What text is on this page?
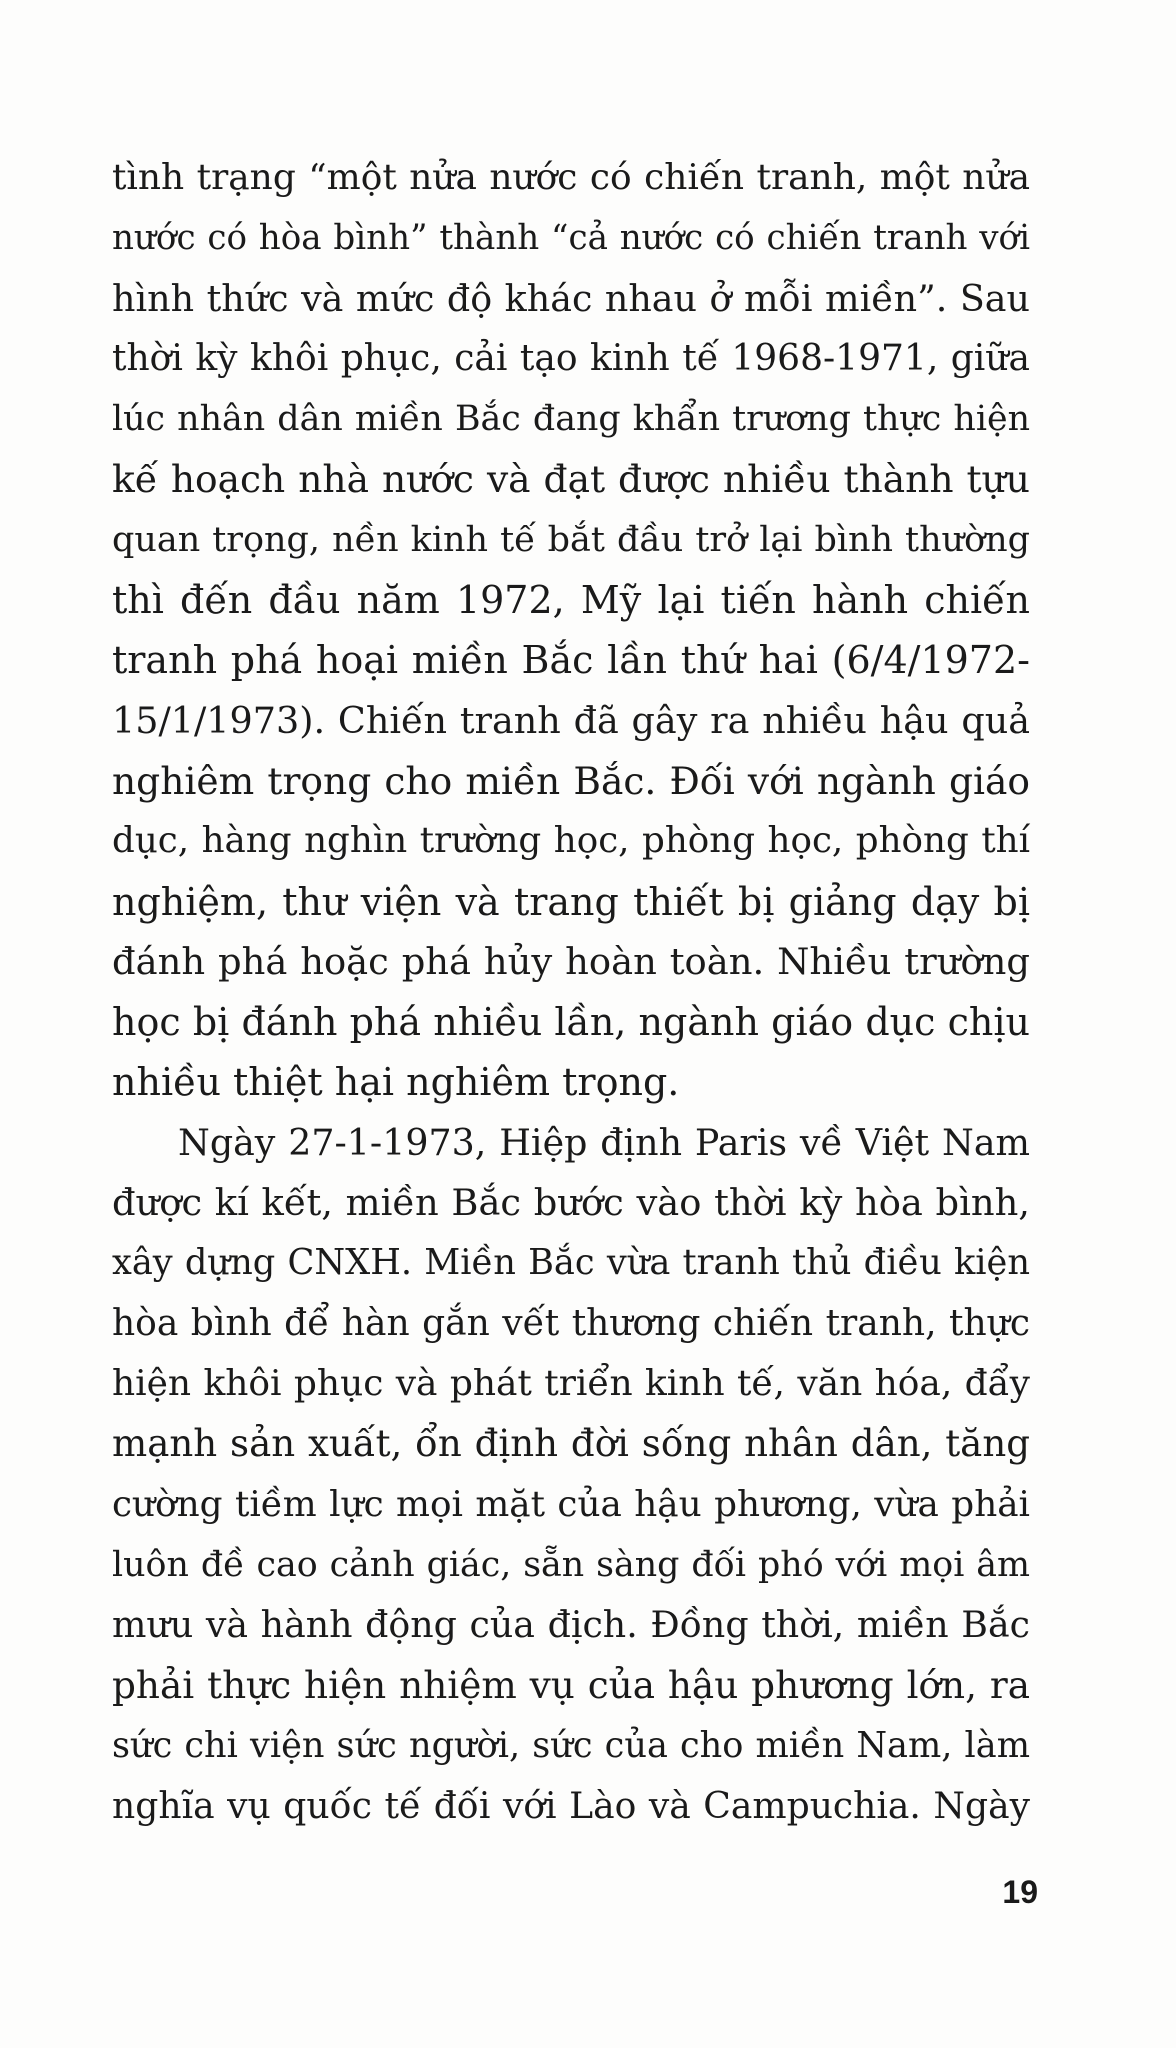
tình trạng “một nửa nước có chiến tranh, một nửa
nước có hòa bình” thành “cả nước có chiến tranh với
hình thức và mức độ khác nhau ở mỗi miền”. Sau
thời kỳ khôi phục, cải tạo kinh tế 1968-1971, giữa
lúc nhân dân miền Bắc đang khẩn trương thực hiện
kế hoạch nhà nước và đạt được nhiều thành tựu
quan trọng, nền kinh tế bắt đầu trở lại bình thường
thì đến đầu năm 1972, Mỹ lại tiến hành chiến
tranh phá hoại miền Bắc lần thứ hai (6/4/1972-
15/1/1973). Chiến tranh đã gây ra nhiều hậu quả
nghiêm trọng cho miền Bắc. Đối với ngành giáo
dục, hàng nghìn trường học, phòng học, phòng thí
nghiệm, thư viện và trang thiết bị giảng dạy bị
đánh phá hoặc phá hủy hoàn toàn. Nhiều trường
học bị đánh phá nhiều lần, ngành giáo dục chịu
nhiều thiệt hại nghiêm trọng.
Ngày 27-1-1973, Hiệp định Paris về Việt Nam
được kí kết, miền Bắc bước vào thời kỳ hòa bình,
xây dựng CNXH. Miền Bắc vừa tranh thủ điều kiện
hòa bình để hàn gắn vết thương chiến tranh, thực
hiện khôi phục và phát triển kinh tế, văn hóa, đẩy
mạnh sản xuất, ổn định đời sống nhân dân, tăng
cường tiềm lực mọi mặt của hậu phương, vừa phải
luôn đề cao cảnh giác, sẵn sàng đối phó với mọi âm
mưu và hành động của địch. Đồng thời, miền Bắc
phải thực hiện nhiệm vụ của hậu phương lớn, ra
sức chi viện sức người, sức của cho miền Nam, làm
nghĩa vụ quốc tế đối với Lào và Campuchia. Ngày
19
